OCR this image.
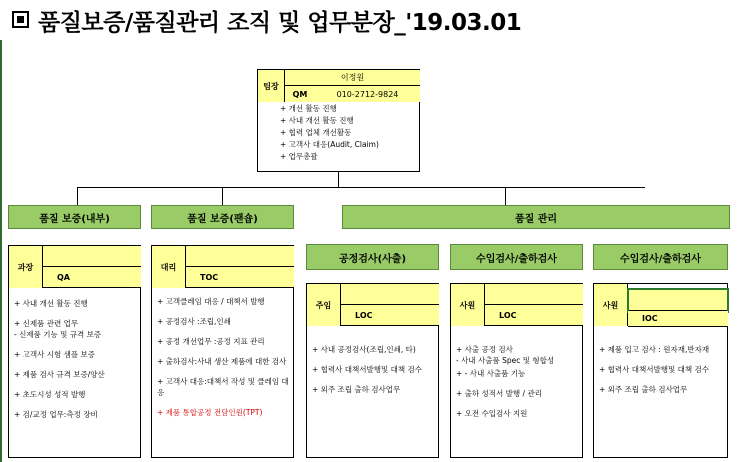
품질보증/품질관리 조직 및 업무분장_'19.03.01
팀장
이정원
QM	010-2712-9824
+ 개선 활동 진행
+ 사내 개선 활동 진행
+ 협력 업체 개선활동
+ 고객사 대응(Audit, Claim)
+ 업무총괄
품질 보증(내부)	품질 보증(팬숍)	품질 관리
공정검사(사출)	수입검사/출하검사	수입검사/출하검사
과장
QA
+ 사내 개선 활동 진행
+ 신제품 관련 업무
- 신제품 기능 및 규격 보증
+ 고객사 시험 샘플 보증
+ 제품 검사 규격 보증/양산
+ 초도시성 성적 발행
+ 검/교정 업무:측정 장비
대리
TOC
+ 고객클레임 대응 / 대책서 발행
+ 공정검사 :조립,인쇄
+ 공정 개선업무 :공정 지표 관리
+ 출하검사:사내 생산 제품에 대한 검사
+ 고객사 대응:대책서 작성 및 클레임 대응
+ 제품 통합공정 전담인원(TPT)
주임
LOC
+ 사내 공정검사(조립,인쇄, 타)
+ 협력사 대책서발행및 대책 검수
+ 외주 조립 출하 검사업무
사원
LOC
+ 사출 공정 검사
- 사내 사출품 Spec 및 형합성
+ - 사내 사출품 기능
+ 출하 성적서 발행 / 관리
+ 오전 수입검사 지원
사원
IOC
+ 제품 입고 검사 : 원자재,반자재
+ 협력사 대책서발행및 대책 검수
+ 외주 조립 출하 검사업무
